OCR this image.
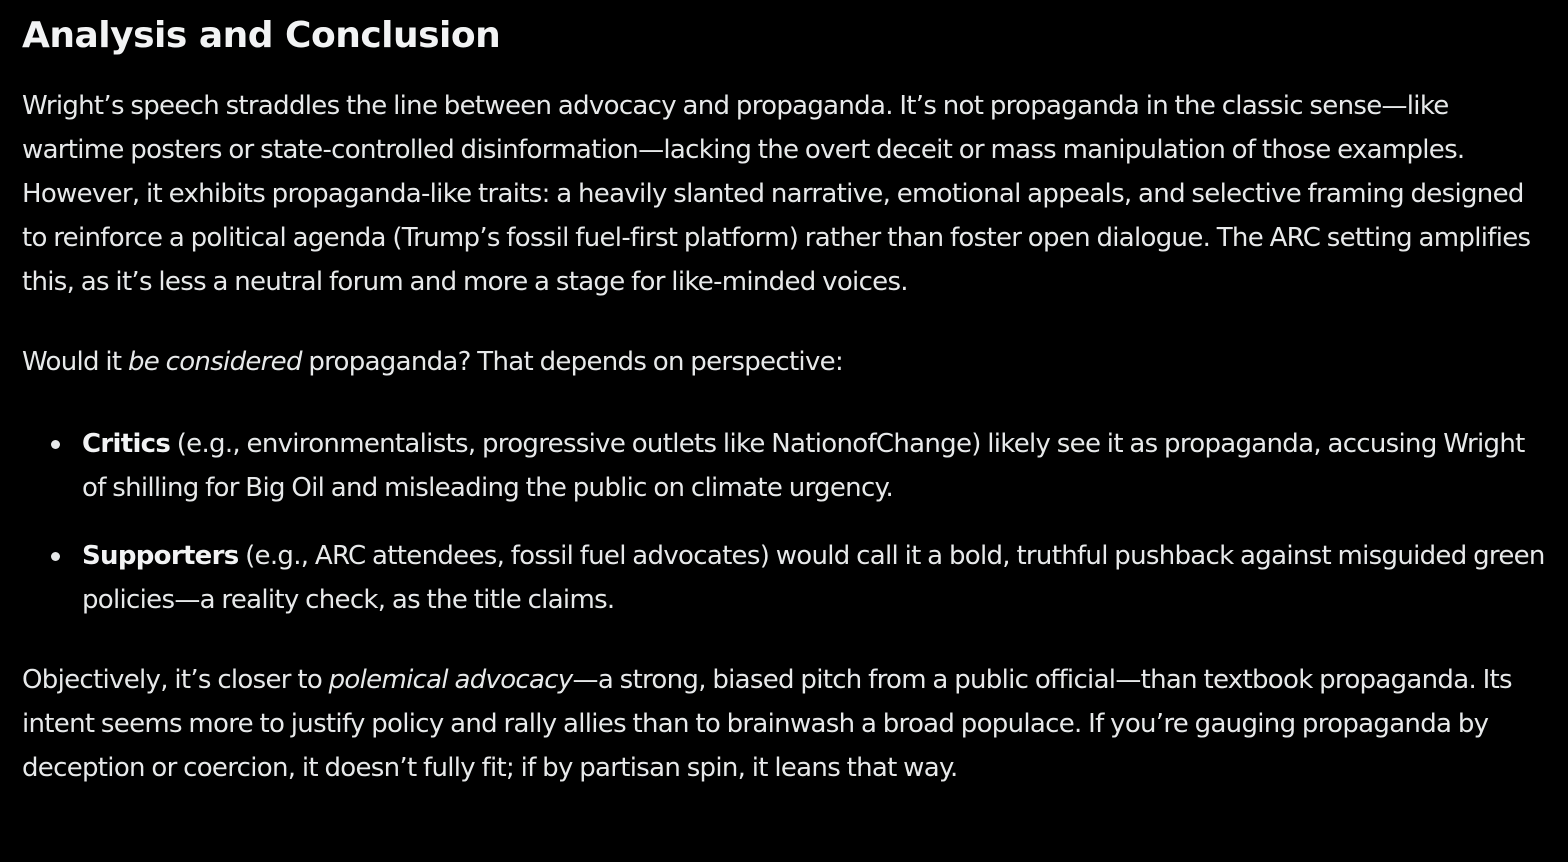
Analysis and Conclusion

Wright’s speech straddles the line between advocacy and propaganda. It’s not propaganda in the classic sense—like wartime posters or state-controlled disinformation—lacking the overt deceit or mass manipulation of those examples. However, it exhibits propaganda-like traits: a heavily slanted narrative, emotional appeals, and selective framing designed to reinforce a political agenda (Trump’s fossil fuel-first platform) rather than foster open dialogue. The ARC setting amplifies this, as it’s less a neutral forum and more a stage for like-minded voices.

Would it be considered propaganda? That depends on perspective:

Critics (e.g., environmentalists, progressive outlets like NationofChange) likely see it as propaganda, accusing Wright of shilling for Big Oil and misleading the public on climate urgency.
Supporters (e.g., ARC attendees, fossil fuel advocates) would call it a bold, truthful pushback against misguided green policies—a reality check, as the title claims.

Objectively, it’s closer to polemical advocacy—a strong, biased pitch from a public official—than textbook propaganda. Its intent seems more to justify policy and rally allies than to brainwash a broad populace. If you’re gauging propaganda by deception or coercion, it doesn’t fully fit; if by partisan spin, it leans that way.
